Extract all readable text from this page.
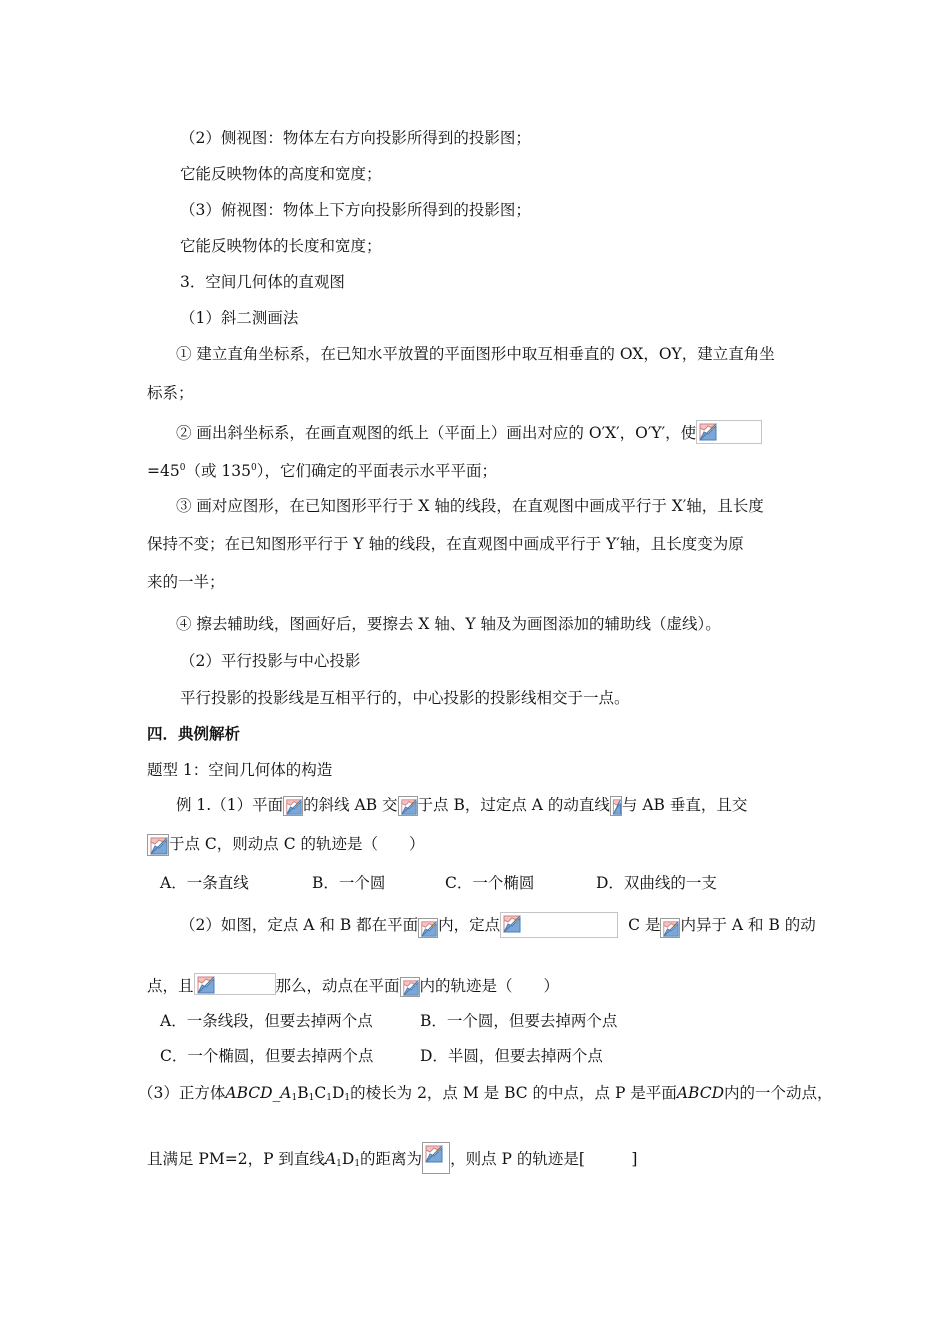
（2）侧视图：物体左右方向投影所得到的投影图；
它能反映物体的高度和宽度；
（3）俯视图：物体上下方向投影所得到的投影图；
它能反映物体的长度和宽度；
3．空间几何体的直观图
（1）斜二测画法
① 建立直角坐标系，在已知水平放置的平面图形中取互相垂直的 OX，OY，建立直角坐
标系；
② 画出斜坐标系，在画直观图的纸上（平面上）画出对应的 O′X′，O′Y′，使
$=45^0$（或 $135^0$），它们确定的平面表示水平平面；
③ 画对应图形，在已知图形平行于 X 轴的线段，在直观图中画成平行于 X′轴，且长度
保持不变；在已知图形平行于 Y 轴的线段，在直观图中画成平行于 Y′轴，且长度变为原
来的一半；
④ 擦去辅助线，图画好后，要擦去 X 轴、Y 轴及为画图添加的辅助线（虚线）。
（2）平行投影与中心投影
平行投影的投影线是互相平行的，中心投影的投影线相交于一点。
四．典例解析
题型 1：空间几何体的构造
例 1.（1）平面 的斜线 AB 交 于点 B，过定点 A 的动直线 与 AB 垂直，且交
于点 C，则动点 C 的轨迹是（　　）
A．一条直线	B．一个圆	C．一个椭圆	D．双曲线的一支
（2）如图，定点 A 和 B 都在平面 内，定点	C 是 内异于 A 和 B 的动
点，且	那么，动点在平面 内的轨迹是（　　）
A．一条线段，但要去掉两个点	B．一个圆，但要去掉两个点
C．一个椭圆，但要去掉两个点	D．半圆，但要去掉两个点
（3）正方体$ABCD\_A_1B_1C_1D_1$的棱长为 2，点 M 是 BC 的中点，点 P 是平面ABCD内的一个动点，
且满足 PM=2，P 到直线$A_1D_1$的距离为 ，则点 P 的轨迹是[　　　]
